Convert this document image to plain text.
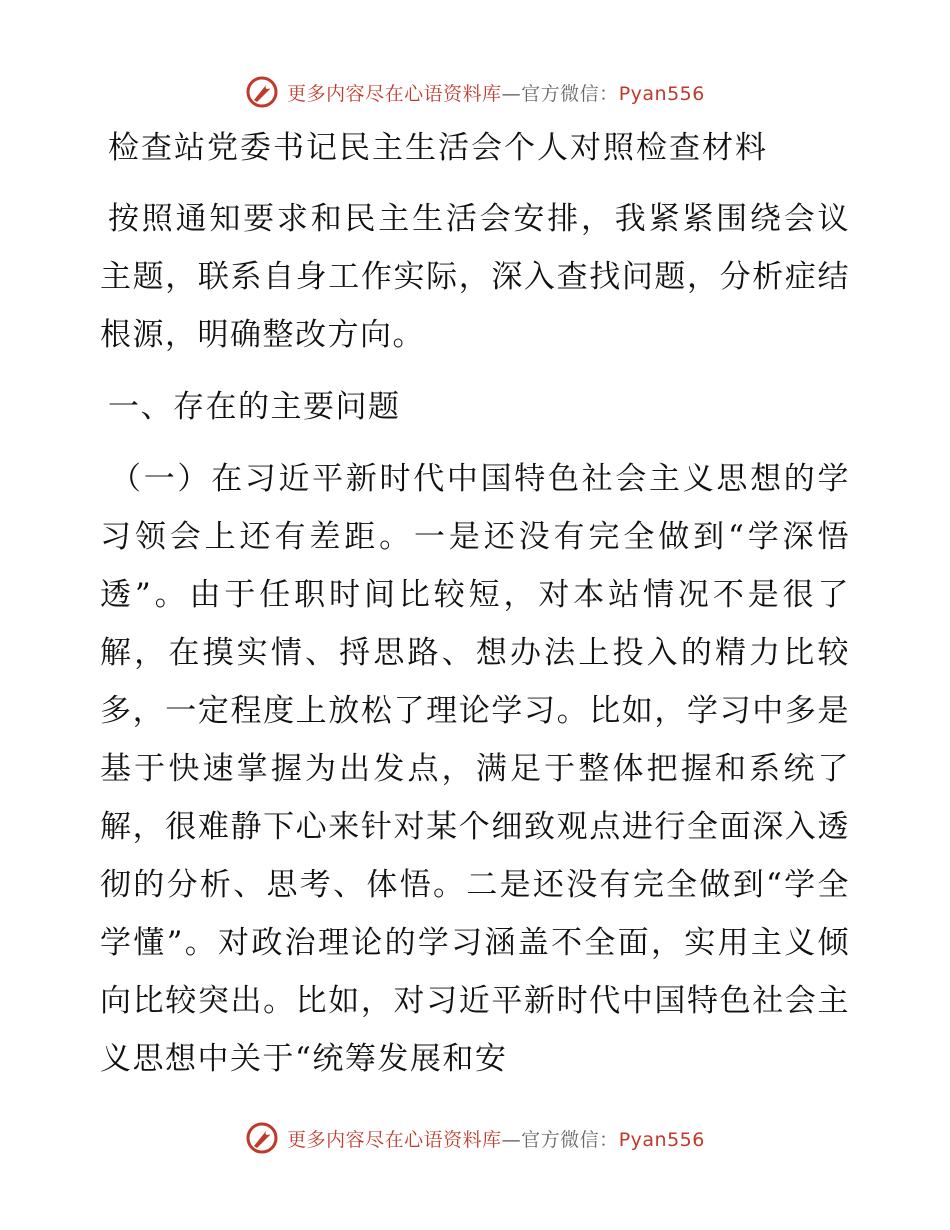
更多内容尽在心语资料库—官方微信：Pyan556
检查站党委书记民主生活会个人对照检查材料

按照通知要求和民主生活会安排，我紧紧围绕会议主题，联系自身工作实际，深入查找问题，分析症结根源，明确整改方向。

一、存在的主要问题

（一）在习近平新时代中国特色社会主义思想的学习领会上还有差距。一是还没有完全做到“学深悟透”。由于任职时间比较短，对本站情况不是很了解，在摸实情、捋思路、想办法上投入的精力比较多，一定程度上放松了理论学习。比如，学习中多是基于快速掌握为出发点，满足于整体把握和系统了解，很难静下心来针对某个细致观点进行全面深入透彻的分析、思考、体悟。二是还没有完全做到“学全学懂”。对政治理论的学习涵盖不全面，实用主义倾向比较突出。比如，对习近平新时代中国特色社会主义思想中关于“统筹发展和安

更多内容尽在心语资料库—官方微信：Pyan556
